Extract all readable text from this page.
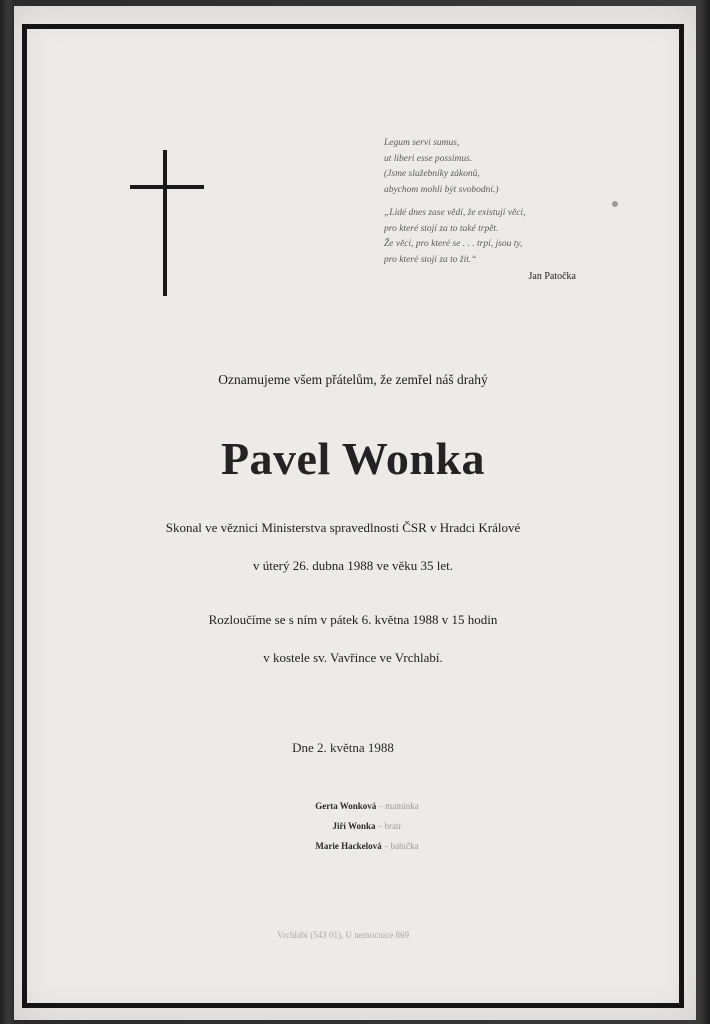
Legum servi sumus,
ut liberi esse possimus.
(Jsme služebníky zákonů,
abychom mohli být svobodní.)
„Lidé dnes zase vědí, že existují věci,
pro které stojí za to také trpět.
Že věci, pro které se . . . trpí, jsou ty,
pro které stojí za to žít.“
Jan Patočka
Oznamujeme všem přátelům, že zemřel náš drahý
Pavel Wonka
Skonal ve věznici Ministerstva spravedlnosti ČSR v Hradci Králové
v úterý 26. dubna 1988 ve věku 35 let.
Rozloučíme se s ním v pátek 6. května 1988 v 15 hodin
v kostele sv. Vavřince ve Vrchlabí.
Dne 2. května 1988
Gerta Wonková – maminka
Jiří Wonka – bratr
Marie Hackelová – babička
Vrchlabí (543 01), U nemocnice 869
